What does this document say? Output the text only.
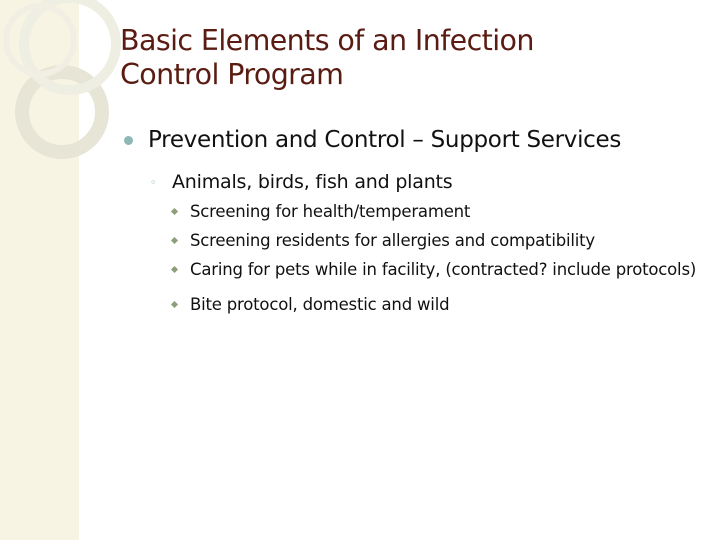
Basic Elements of an Infection
Control Program
Prevention and Control – Support Services
◦ Animals, birds, fish and plants
Screening for health/temperament
Screening residents for allergies and compatibility
Caring for pets while in facility, (contracted? include protocols)
Bite protocol, domestic and wild
